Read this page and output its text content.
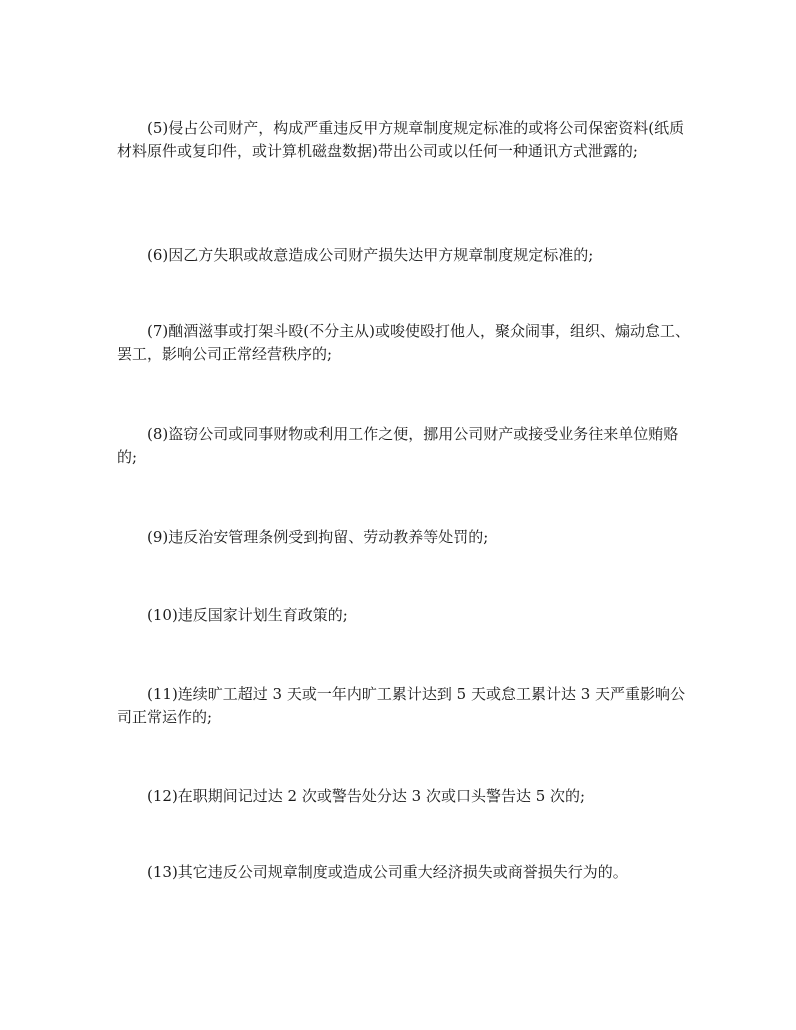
(5)侵占公司财产，构成严重违反甲方规章制度规定标准的或将公司保密资料(纸质材料原件或复印件，或计算机磁盘数据)带出公司或以任何一种通讯方式泄露的;

(6)因乙方失职或故意造成公司财产损失达甲方规章制度规定标准的;

(7)酗酒滋事或打架斗殴(不分主从)或唆使殴打他人，聚众闹事，组织、煽动怠工、罢工，影响公司正常经营秩序的;

(8)盗窃公司或同事财物或利用工作之便，挪用公司财产或接受业务往来单位贿赂的;

(9)违反治安管理条例受到拘留、劳动教养等处罚的;

(10)违反国家计划生育政策的;

(11)连续旷工超过 3 天或一年内旷工累计达到 5 天或怠工累计达 3 天严重影响公司正常运作的;

(12)在职期间记过达 2 次或警告处分达 3 次或口头警告达 5 次的;

(13)其它违反公司规章制度或造成公司重大经济损失或商誉损失行为的。
